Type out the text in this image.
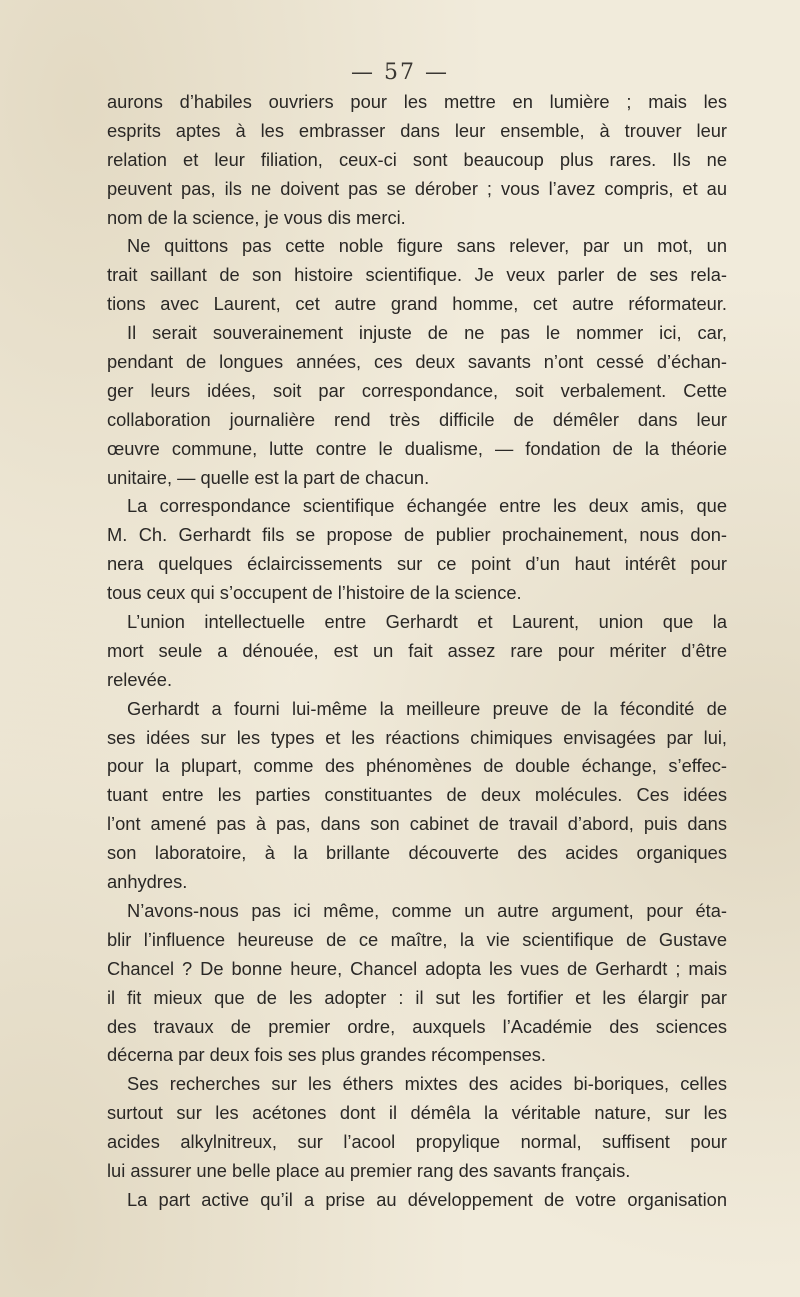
— 57 —
aurons d’habiles ouvriers pour les mettre en lumière ; mais les
esprits aptes à les embrasser dans leur ensemble, à trouver leur
relation et leur filiation, ceux-ci sont beaucoup plus rares. Ils ne
peuvent pas, ils ne doivent pas se dérober ; vous l’avez compris, et au
nom de la science, je vous dis merci.
Ne quittons pas cette noble figure sans relever, par un mot, un
trait saillant de son histoire scientifique. Je veux parler de ses rela-
tions avec Laurent, cet autre grand homme, cet autre réformateur.
Il serait souverainement injuste de ne pas le nommer ici, car,
pendant de longues années, ces deux savants n’ont cessé d’échan-
ger leurs idées, soit par correspondance, soit verbalement. Cette
collaboration journalière rend très difficile de démêler dans leur
œuvre commune, lutte contre le dualisme, — fondation de la théorie
unitaire, — quelle est la part de chacun.
La correspondance scientifique échangée entre les deux amis, que
M. Ch. Gerhardt fils se propose de publier prochainement, nous don-
nera quelques éclaircissements sur ce point d’un haut intérêt pour
tous ceux qui s’occupent de l’histoire de la science.
L’union intellectuelle entre Gerhardt et Laurent, union que la
mort seule a dénouée, est un fait assez rare pour mériter d’être
relevée.
Gerhardt a fourni lui-même la meilleure preuve de la fécondité de
ses idées sur les types et les réactions chimiques envisagées par lui,
pour la plupart, comme des phénomènes de double échange, s’effec-
tuant entre les parties constituantes de deux molécules. Ces idées
l’ont amené pas à pas, dans son cabinet de travail d’abord, puis dans
son laboratoire, à la brillante découverte des acides organiques
anhydres.
N’avons-nous pas ici même, comme un autre argument, pour éta-
blir l’influence heureuse de ce maître, la vie scientifique de Gustave
Chancel ? De bonne heure, Chancel adopta les vues de Gerhardt ; mais
il fit mieux que de les adopter : il sut les fortifier et les élargir par
des travaux de premier ordre, auxquels l’Académie des sciences
décerna par deux fois ses plus grandes récompenses.
Ses recherches sur les éthers mixtes des acides bi-boriques, celles
surtout sur les acétones dont il démêla la véritable nature, sur les
acides alkylnitreux, sur l’acool propylique normal, suffisent pour
lui assurer une belle place au premier rang des savants français.
La part active qu’il a prise au développement de votre organisation
